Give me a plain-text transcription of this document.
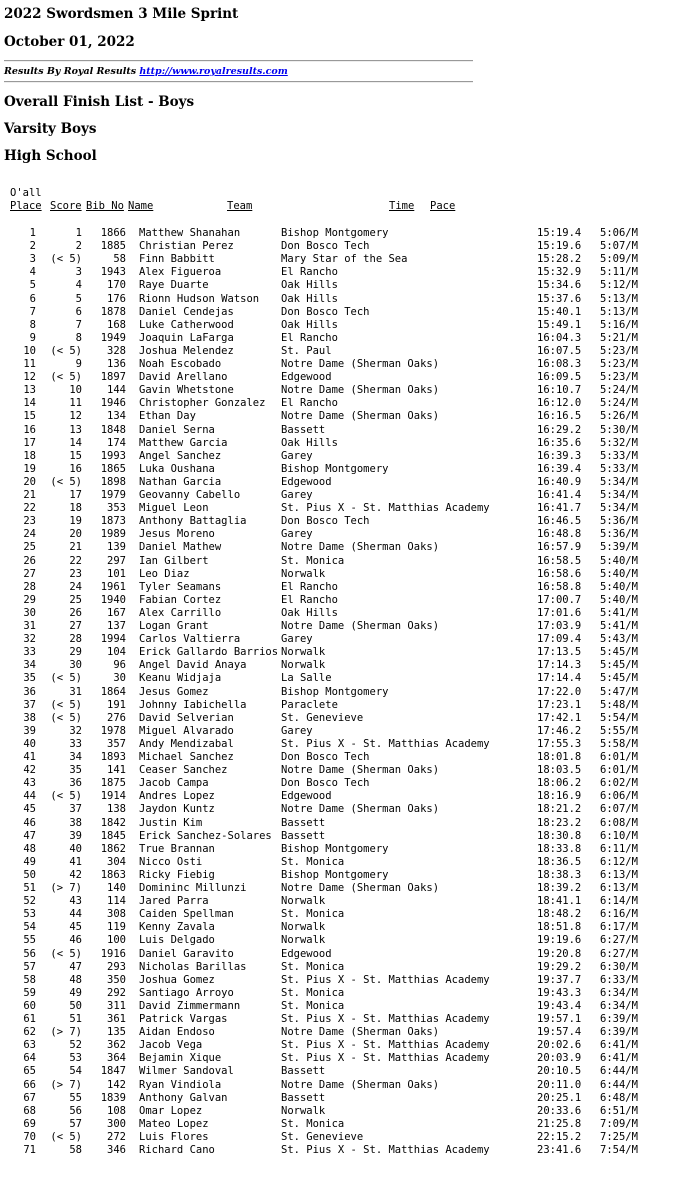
2022 Swordsmen 3 Mile Sprint
October 01, 2022
Results By Royal Results http://www.royalresults.com
Overall Finish List - Boys
Varsity Boys
High School
O'all
Place Score Bib No Name	Team	Time Pace
1	1	1866 Matthew Shanahan	Bishop Montgomery	15:19.4	5:06/M
2	2	1885 Christian Perez	Don Bosco Tech	15:19.6	5:07/M
3	(< 5)	58 Finn Babbitt	Mary Star of the Sea	15:28.2	5:09/M
4	3	1943 Alex Figueroa	El Rancho	15:32.9	5:11/M
5	4	170 Raye Duarte	Oak Hills	15:34.6	5:12/M
6	5	176 Rionn Hudson Watson	Oak Hills	15:37.6	5:13/M
7	6	1878 Daniel Cendejas	Don Bosco Tech	15:40.1	5:13/M
8	7	168 Luke Catherwood	Oak Hills	15:49.1	5:16/M
9	8	1949 Joaquin LaFarga	El Rancho	16:04.3	5:21/M
10	(< 5)	328 Joshua Melendez	St. Paul	16:07.5	5:23/M
11	9	136 Noah Escobado	Notre Dame (Sherman Oaks)	16:08.3	5:23/M
12	(< 5)	1897 David Arellano	Edgewood	16:09.5	5:23/M
13	10	144 Gavin Whetstone	Notre Dame (Sherman Oaks)	16:10.7	5:24/M
14	11	1946 Christopher Gonzalez	El Rancho	16:12.0	5:24/M
15	12	134 Ethan Day	Notre Dame (Sherman Oaks)	16:16.5	5:26/M
16	13	1848 Daniel Serna	Bassett	16:29.2	5:30/M
17	14	174 Matthew Garcia	Oak Hills	16:35.6	5:32/M
18	15	1993 Angel Sanchez	Garey	16:39.3	5:33/M
19	16	1865 Luka Oushana	Bishop Montgomery	16:39.4	5:33/M
20	(< 5)	1898 Nathan Garcia	Edgewood	16:40.9	5:34/M
21	17	1979 Geovanny Cabello	Garey	16:41.4	5:34/M
22	18	353 Miguel Leon	St. Pius X - St. Matthias Academy	16:41.7	5:34/M
23	19	1873 Anthony Battaglia	Don Bosco Tech	16:46.5	5:36/M
24	20	1989 Jesus Moreno	Garey	16:48.8	5:36/M
25	21	139 Daniel Mathew	Notre Dame (Sherman Oaks)	16:57.9	5:39/M
26	22	297 Ian Gilbert	St. Monica	16:58.5	5:40/M
27	23	101 Leo Diaz	Norwalk	16:58.6	5:40/M
28	24	1961 Tyler Seamans	El Rancho	16:58.8	5:40/M
29	25	1940 Fabian Cortez	El Rancho	17:00.7	5:40/M
30	26	167 Alex Carrillo	Oak Hills	17:01.6	5:41/M
31	27	137 Logan Grant	Notre Dame (Sherman Oaks)	17:03.9	5:41/M
32	28	1994 Carlos Valtierra	Garey	17:09.4	5:43/M
33	29	104 Erick Gallardo Barrios Norwalk	17:13.5	5:45/M
34	30	96 Angel David Anaya	Norwalk	17:14.3	5:45/M
35	(< 5)	30 Keanu Widjaja	La Salle	17:14.4	5:45/M
36	31	1864 Jesus Gomez	Bishop Montgomery	17:22.0	5:47/M
37	(< 5)	191 Johnny Iabichella	Paraclete	17:23.1	5:48/M
38	(< 5)	276 David Selverian	St. Genevieve	17:42.1	5:54/M
39	32	1978 Miguel Alvarado	Garey	17:46.2	5:55/M
40	33	357 Andy Mendizabal	St. Pius X - St. Matthias Academy	17:55.3	5:58/M
41	34	1893 Michael Sanchez	Don Bosco Tech	18:01.8	6:01/M
42	35	141 Ceaser Sanchez	Notre Dame (Sherman Oaks)	18:03.5	6:01/M
43	36	1875 Jacob Campa	Don Bosco Tech	18:06.2	6:02/M
44	(< 5)	1914 Andres Lopez	Edgewood	18:16.9	6:06/M
45	37	138 Jaydon Kuntz	Notre Dame (Sherman Oaks)	18:21.2	6:07/M
46	38	1842 Justin Kim	Bassett	18:23.2	6:08/M
47	39	1845 Erick Sanchez-Solares Bassett	18:30.8	6:10/M
48	40	1862 True Brannan	Bishop Montgomery	18:33.8	6:11/M
49	41	304 Nicco Osti	St. Monica	18:36.5	6:12/M
50	42	1863 Ricky Fiebig	Bishop Montgomery	18:38.3	6:13/M
51	(> 7)	140 Domininc Millunzi	Notre Dame (Sherman Oaks)	18:39.2	6:13/M
52	43	114 Jared Parra	Norwalk	18:41.1	6:14/M
53	44	308 Caiden Spellman	St. Monica	18:48.2	6:16/M
54	45	119 Kenny Zavala	Norwalk	18:51.8	6:17/M
55	46	100 Luis Delgado	Norwalk	19:19.6	6:27/M
56	(< 5)	1916 Daniel Garavito	Edgewood	19:20.8	6:27/M
57	47	293 Nicholas Barillas	St. Monica	19:29.2	6:30/M
58	48	350 Joshua Gomez	St. Pius X - St. Matthias Academy	19:37.7	6:33/M
59	49	292 Santiago Arroyo	St. Monica	19:43.3	6:34/M
60	50	311 David Zimmermann	St. Monica	19:43.4	6:34/M
61	51	361 Patrick Vargas	St. Pius X - St. Matthias Academy	19:57.1	6:39/M
62	(> 7)	135 Aidan Endoso	Notre Dame (Sherman Oaks)	19:57.4	6:39/M
63	52	362 Jacob Vega	St. Pius X - St. Matthias Academy	20:02.6	6:41/M
64	53	364 Bejamin Xique	St. Pius X - St. Matthias Academy	20:03.9	6:41/M
65	54	1847 Wilmer Sandoval	Bassett	20:10.5	6:44/M
66	(> 7)	142 Ryan Vindiola	Notre Dame (Sherman Oaks)	20:11.0	6:44/M
67	55	1839 Anthony Galvan	Bassett	20:25.1	6:48/M
68	56	108 Omar Lopez	Norwalk	20:33.6	6:51/M
69	57	300 Mateo Lopez	St. Monica	21:25.8	7:09/M
70	(< 5)	272 Luis Flores	St. Genevieve	22:15.2	7:25/M
71	58	346 Richard Cano	St. Pius X - St. Matthias Academy	23:41.6	7:54/M
